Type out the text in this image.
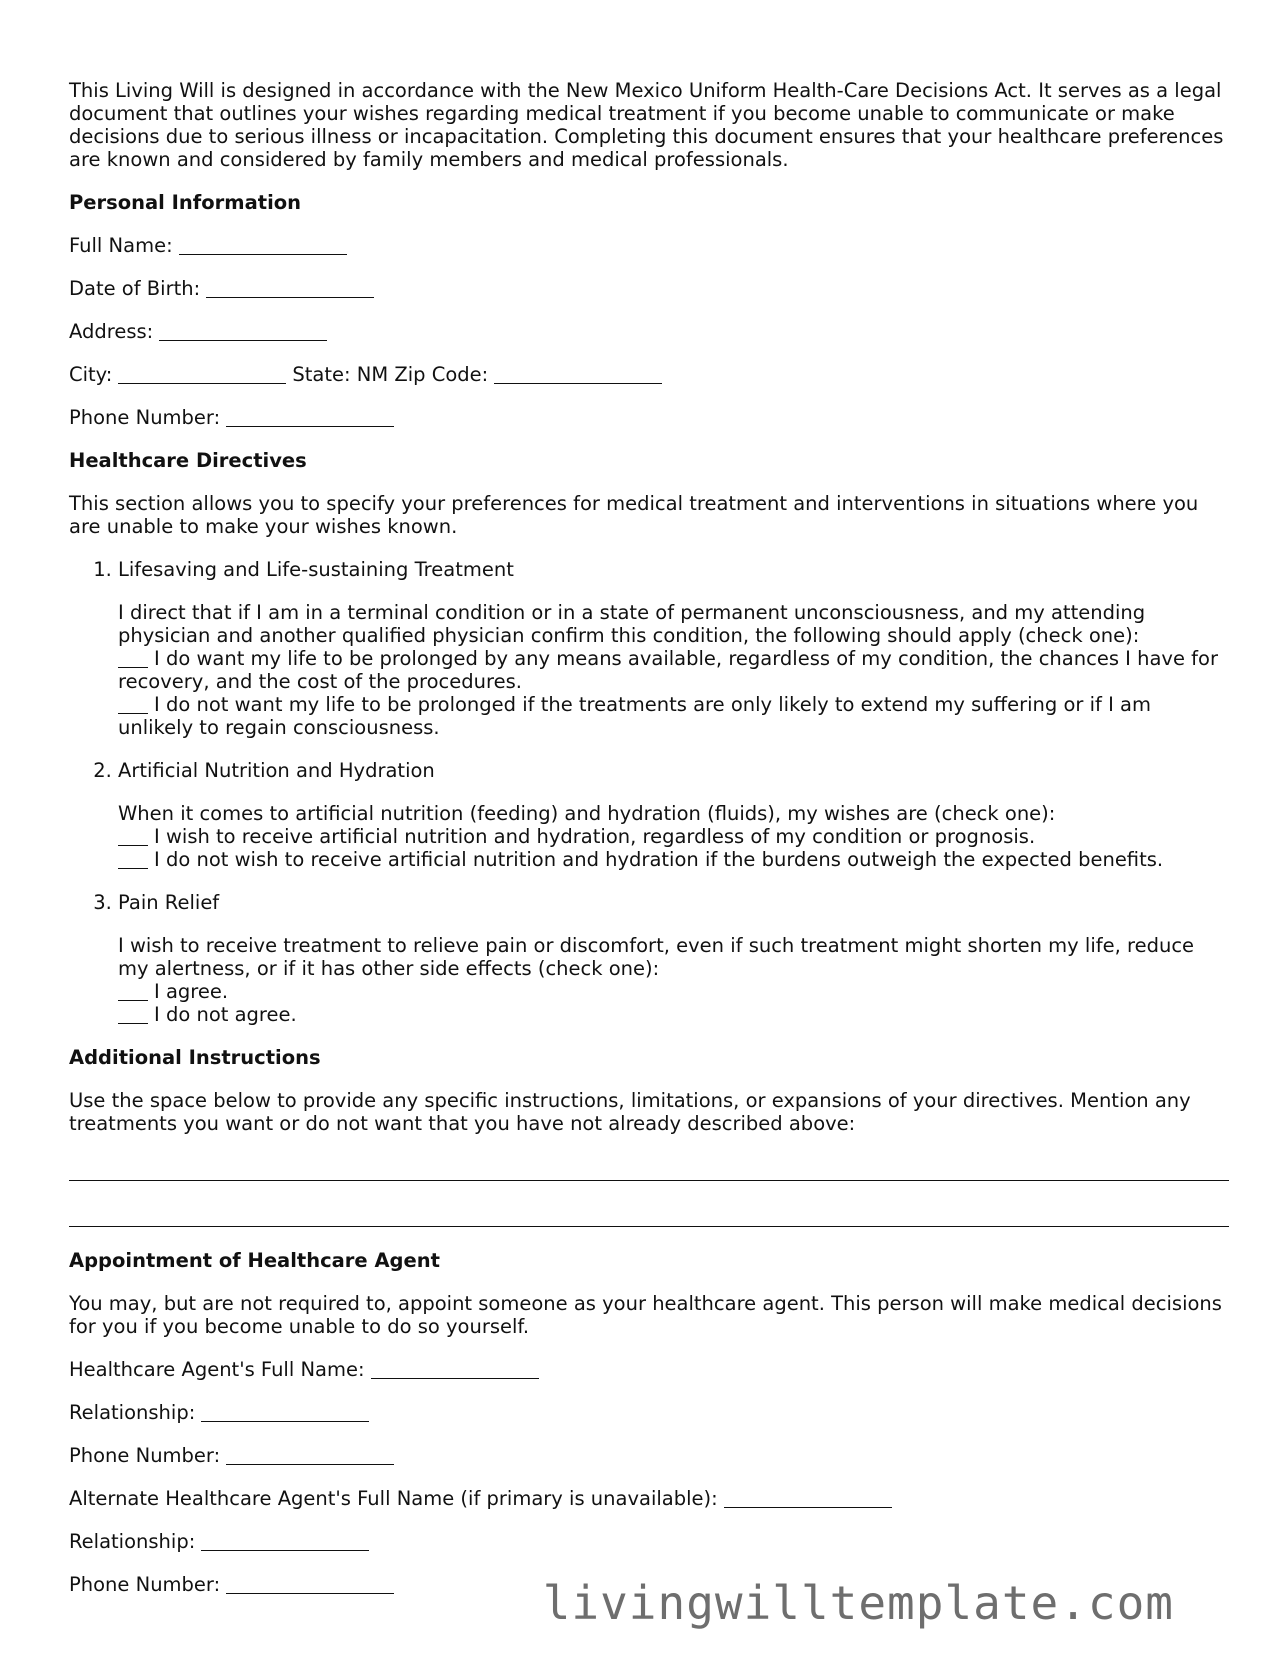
This Living Will is designed in accordance with the New Mexico Uniform Health-Care Decisions Act. It serves as a legal document that outlines your wishes regarding medical treatment if you become unable to communicate or make decisions due to serious illness or incapacitation. Completing this document ensures that your healthcare preferences are known and considered by family members and medical professionals.

Personal Information
Full Name:
Date of Birth:
Address:
City:	State: NM Zip Code:
Phone Number:
Healthcare Directives

This section allows you to specify your preferences for medical treatment and interventions in situations where you are unable to make your wishes known.

1. Lifesaving and Life-sustaining Treatment
I direct that if I am in a terminal condition or in a state of permanent unconsciousness, and my attending physician and another qualified physician confirm this condition, the following should apply (check one):
I do want my life to be prolonged by any means available, regardless of my condition, the chances I have for recovery, and the cost of the procedures.
I do not want my life to be prolonged if the treatments are only likely to extend my suffering or if I am unlikely to regain consciousness.
2. Artificial Nutrition and Hydration
When it comes to artificial nutrition (feeding) and hydration (fluids), my wishes are (check one):
I wish to receive artificial nutrition and hydration, regardless of my condition or prognosis.
I do not wish to receive artificial nutrition and hydration if the burdens outweigh the expected benefits.
3. Pain Relief
I wish to receive treatment to relieve pain or discomfort, even if such treatment might shorten my life, reduce my alertness, or if it has other side effects (check one):
I agree.
I do not agree.
Additional Instructions

Use the space below to provide any specific instructions, limitations, or expansions of your directives. Mention any treatments you want or do not want that you have not already described above:

Appointment of Healthcare Agent

You may, but are not required to, appoint someone as your healthcare agent. This person will make medical decisions for you if you become unable to do so yourself.

Healthcare Agent's Full Name:
Relationship:
Phone Number:
Alternate Healthcare Agent's Full Name (if primary is unavailable):
Relationship:
Phone Number:	livingwilltemplate.com
